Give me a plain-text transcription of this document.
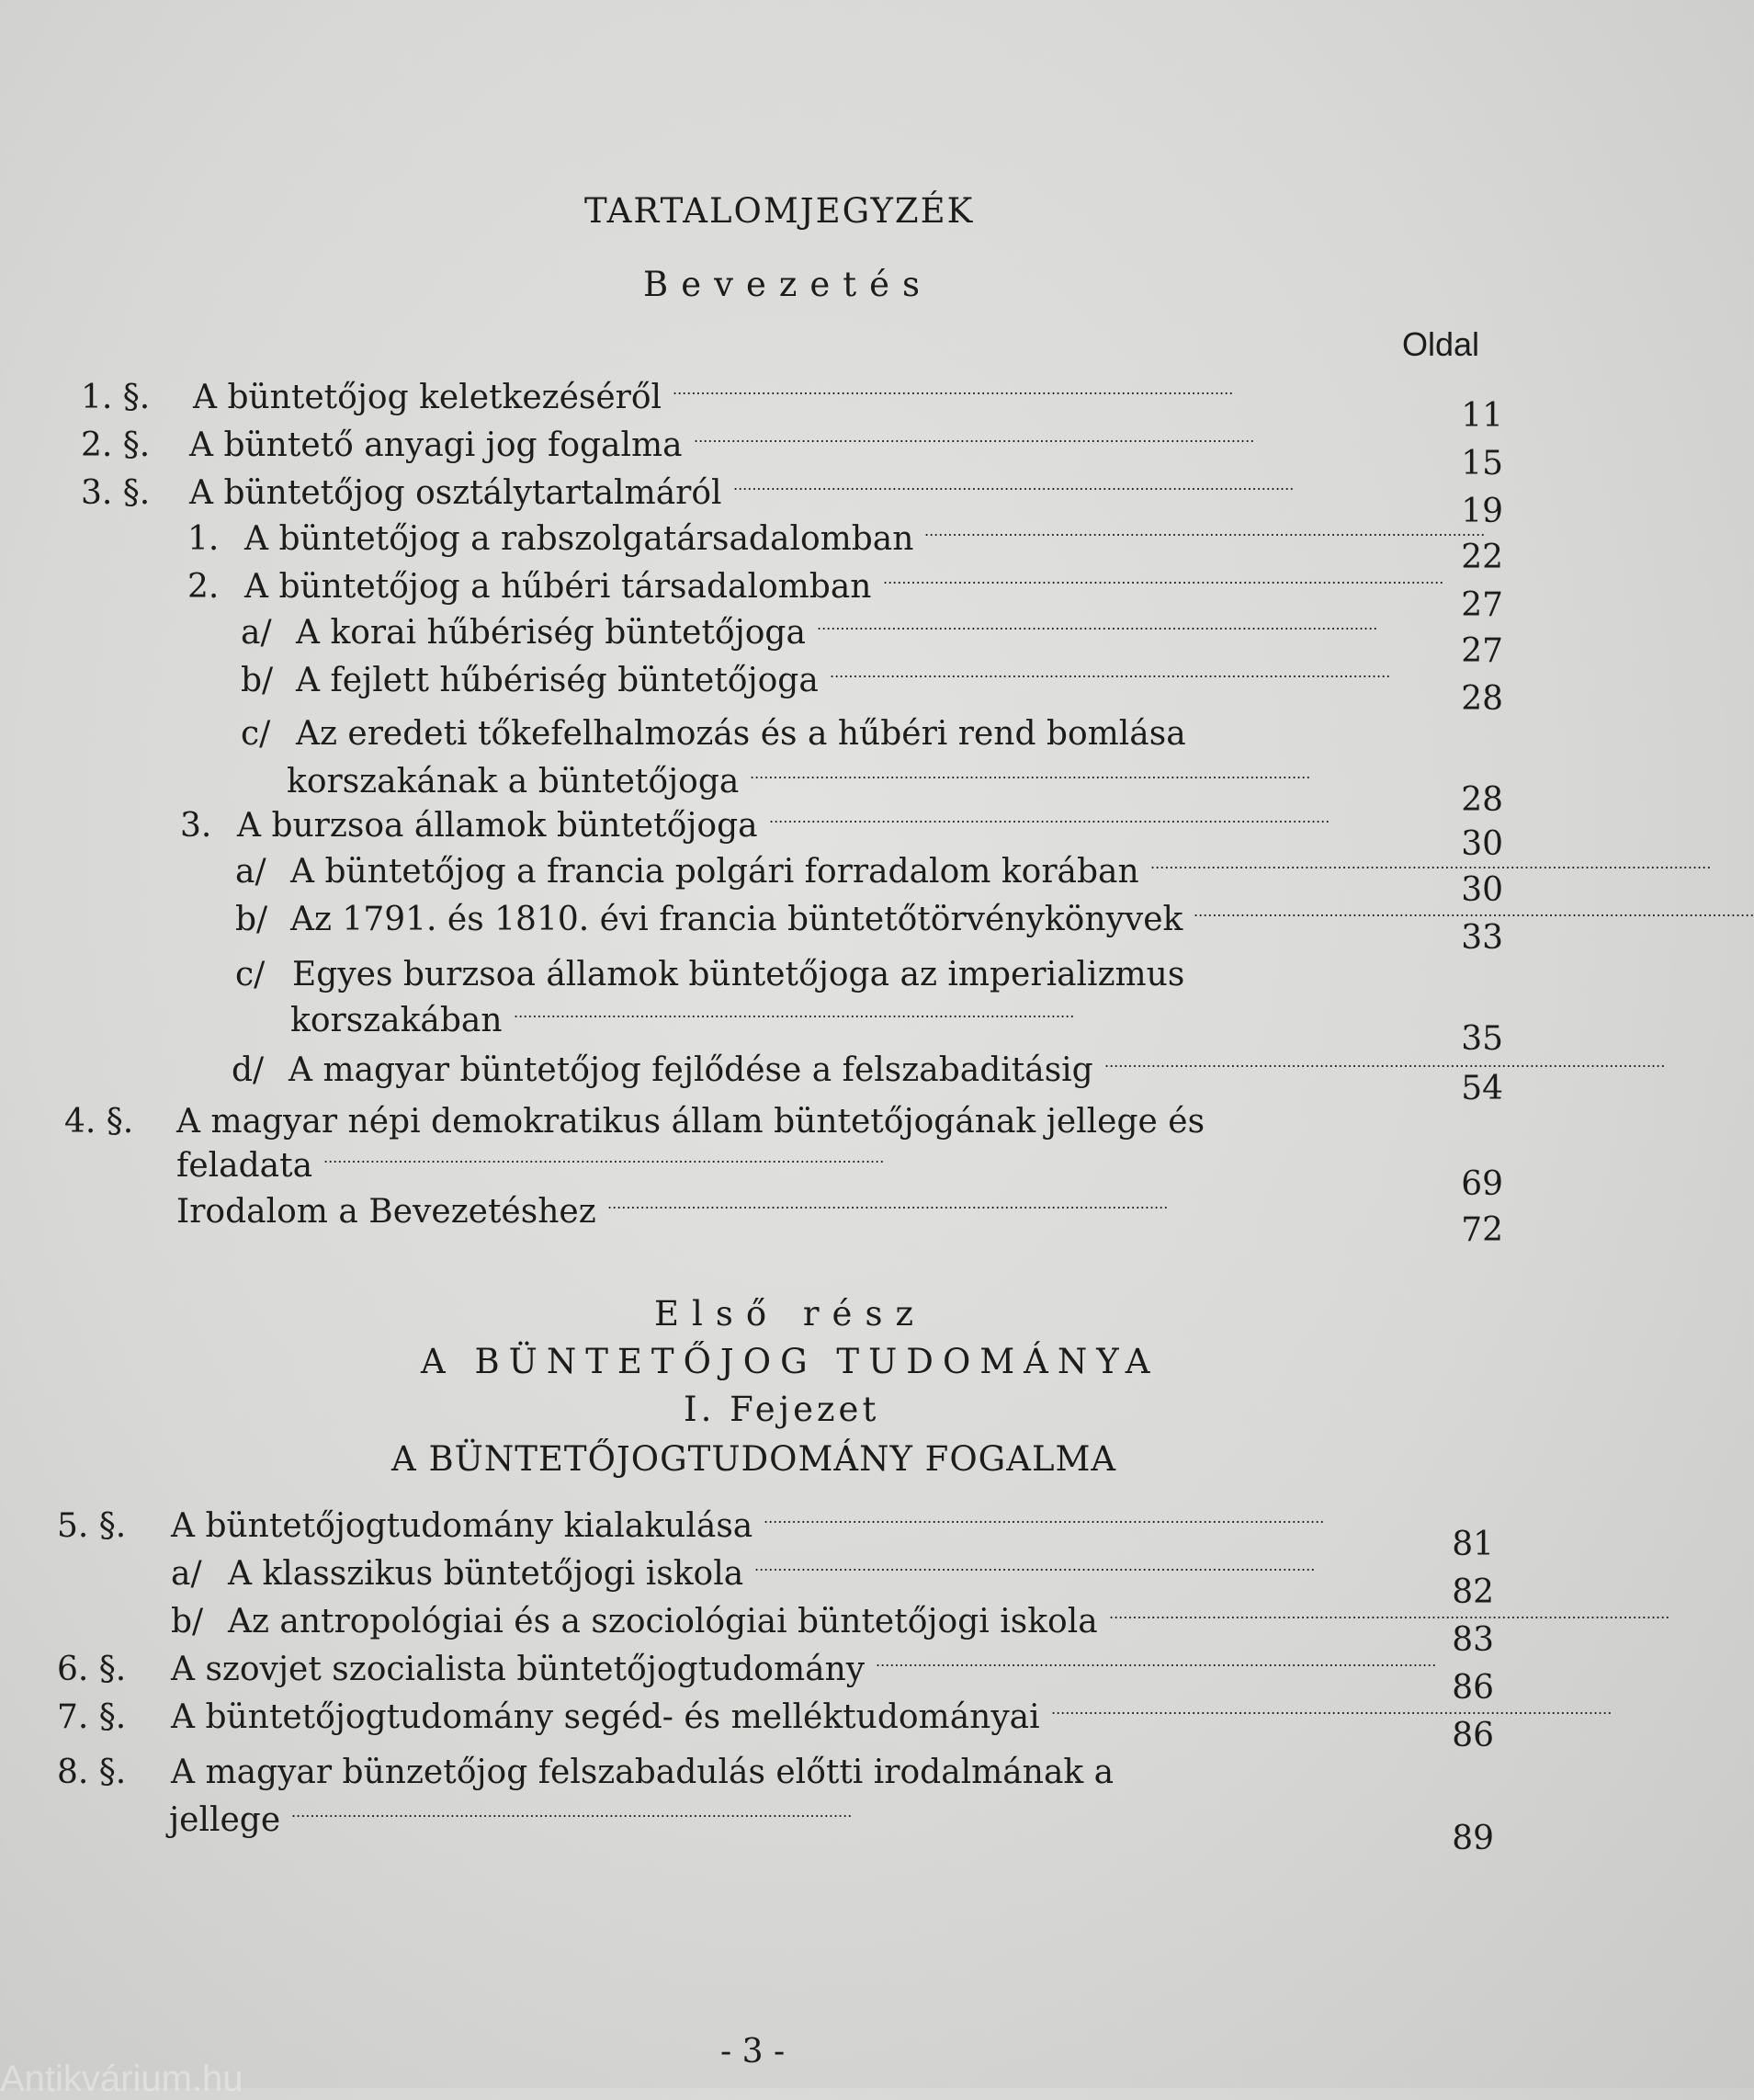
TARTALOMJEGYZÉK
Bevezetés
Oldal
1. §. A büntetőjog keletkezéséről ........................................................................................................................
11
2. §. A büntető anyagi jog fogalma ........................................................................................................................
15
3. §. A büntetőjog osztálytartalmáról ........................................................................................................................
19
1. A büntetőjog a rabszolgatársadalomban ........................................................................................................................
22
2. A büntetőjog a hűbéri társadalomban ........................................................................................................................
27
a/ A korai hűbériség büntetőjoga ........................................................................................................................
27
b/ A fejlett hűbériség büntetőjoga ........................................................................................................................
28
c/ Az eredeti tőkefelhalmozás és a hűbéri rend bomlása
korszakának a büntetőjoga ........................................................................................................................
28
3. A burzsoa államok büntetőjoga ........................................................................................................................
30
a/ A büntetőjog a francia polgári forradalom korában ........................................................................................................................
30
b/ Az 1791. és 1810. évi francia büntetőtörvénykönyvek ........................................................................................................................
33
c/ Egyes burzsoa államok büntetőjoga az imperializmus
korszakában ........................................................................................................................
35
d/ A magyar büntetőjog fejlődése a felszabaditásig ........................................................................................................................
54
4. §. A magyar népi demokratikus állam büntetőjogának jellege és
feladata ........................................................................................................................
69
Irodalom a Bevezetéshez ........................................................................................................................
72
Első rész
A BÜNTETŐJOG TUDOMÁNYA
I. Fejezet
A BÜNTETŐJOGTUDOMÁNY FOGALMA
5. §. A büntetőjogtudomány kialakulása ........................................................................................................................
81
a/ A klasszikus büntetőjogi iskola ........................................................................................................................
82
b/ Az antropológiai és a szociológiai büntetőjogi iskola ........................................................................................................................
83
6. §. A szovjet szocialista büntetőjogtudomány ........................................................................................................................
86
7. §. A büntetőjogtudomány segéd- és melléktudományai ........................................................................................................................
86
8. §. A magyar bünzetőjog felszabadulás előtti irodalmának a
jellege ........................................................................................................................
89
- 3 -
Antikvárium.hu
